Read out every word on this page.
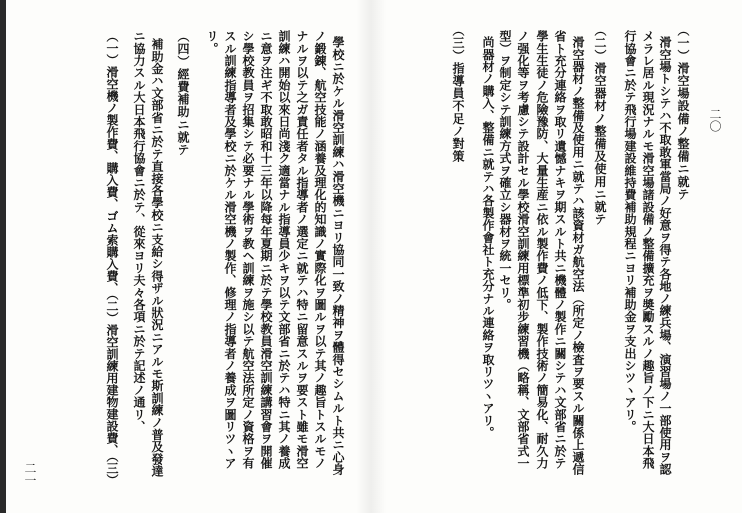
學校ニ於ケル滑空訓練ハ滑空機ニヨリ協同一致ノ精神ヲ體得セシムルト共ニ心身
ノ鍛錬、航空技能ノ涵養及理化的知識ノ實際化ヲ圖ルヲ以テ其ノ趣旨トスルモノ
ナルヲ以テ之ガ責任者タル指導者ノ選定ニ就テハ特ニ留意スルヲ要スト雖モ滑空
訓練ハ開始以來日尚淺ク適當ナル指導員少キヲ以テ文部省ニ於テハ特ニ其ノ養成
ニ意ヲ注ギ不取敢昭和十三年以降每年夏期ニ於テ學校教員滑空訓練講習會ヲ開催
シ學校教員ヲ招集シテ必要ナル學術ヲ教ヘ訓練ヲ施シ以テ航空法所定ノ資格ヲ有
スル訓練指導者及學校ニ於ケル滑空機ノ製作、修理ノ指導者ノ養成ヲ圖リツヽア
リ。
（四）經費補助ニ就テ
補助金ハ文部省ニ於テ直接各學校ニ支給シ得ザル狀況ニアルモ斯訓練ノ普及發達
ニ協力スル大日本飛行協會ニ於テ、從來ヨリ夫々各項ニ於テ記述ノ通リ、
（一）滑空機ノ製作費、購入費、ゴム索購入費、（二）滑空訓練用建物建設費、（三）
二一
二〇
（一）滑空場設備ノ整備ニ就テ
滑空場トシテハ不取敢軍當局ノ好意ヲ得テ各地ノ練兵場、演習場ノ一部使用ヲ認
メラレ居ル現況ナルモ滑空場諸設備ノ整備擴充ヲ奬勵スルノ趣旨ノ下ニ大日本飛
行協會ニ於テ飛行場建設維持費補助規程ニヨリ補助金ヲ支出シツヽアリ。
（二）滑空器材ノ整備及使用ニ就テ
滑空器材ノ整備及使用ニ就テハ該資材ガ航空法（所定ノ檢査ヲ要スル關係上遞信
省ト充分連絡ヲ取リ遺憾ナキヲ期スルト共ニ機體ノ製作ニ關シテハ文部省ニ於テ
學生生徒ノ危險豫防、大量生産ニ依ル製作費ノ低下、製作技術ノ簡易化、耐久力
ノ强化等ヲ考慮シテ設計セル學校滑空訓練用標準初步練習機（略稱、文部省式一
型）ヲ制定シテ訓練方式ヲ確立シ器材ヲ統一セリ。
尚器材ノ購入、整備ニ就テハ各製作會社ト充分ナル連絡ヲ取リツヽアリ。
（三）指導員不足ノ對策
